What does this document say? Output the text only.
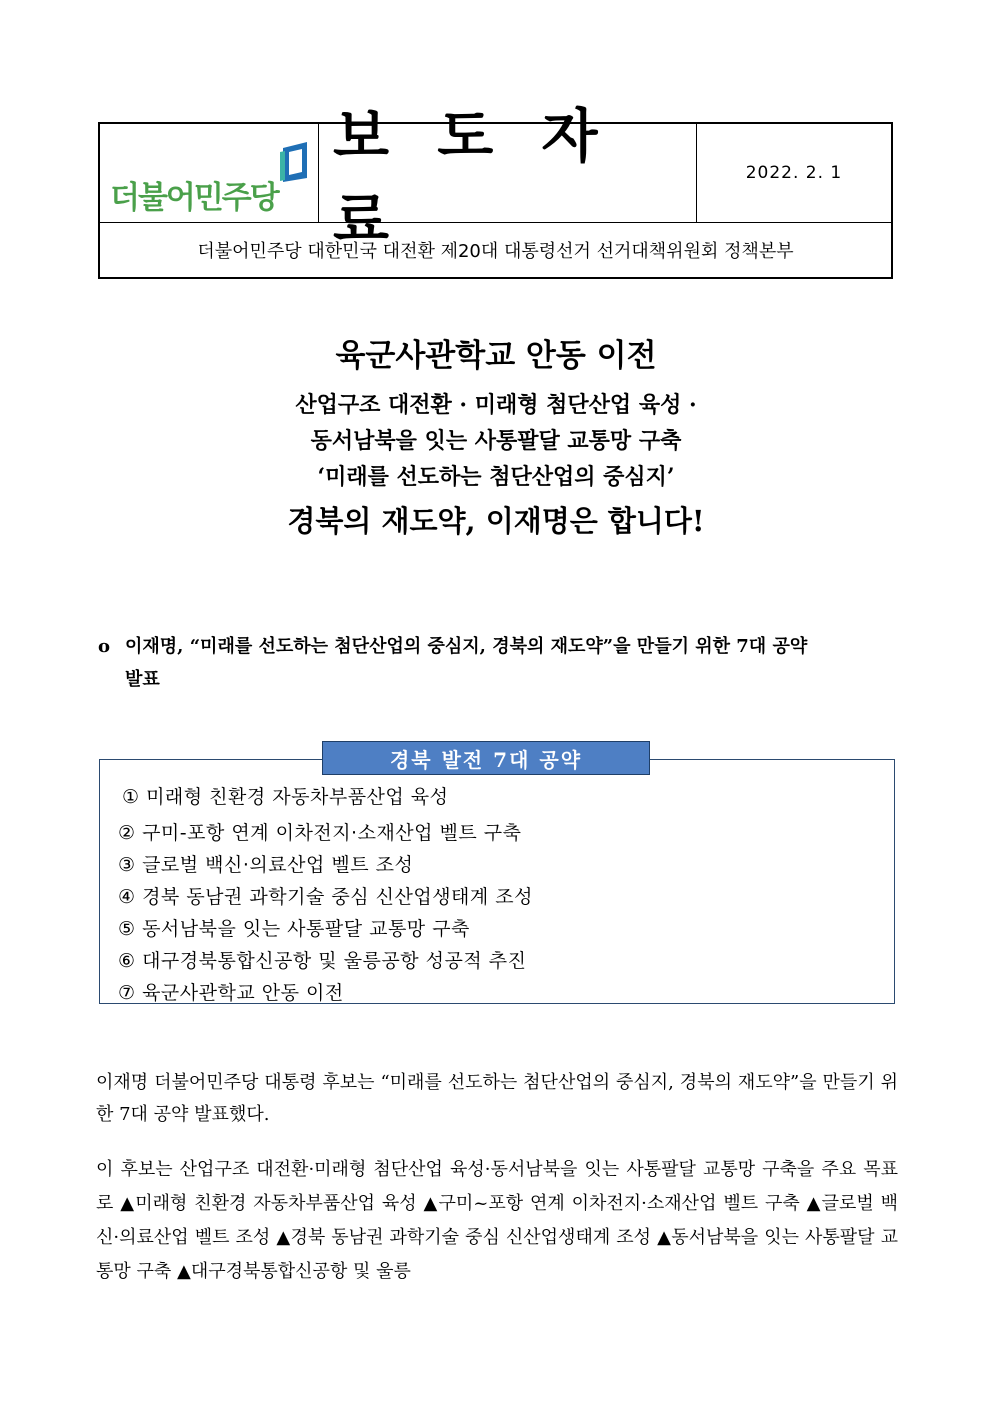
더불어민주당
보 도 자 료
2022. 2. 1
더불어민주당 대한민국 대전환 제20대 대통령선거 선거대책위원회 정책본부
육군사관학교 안동 이전
산업구조 대전환 · 미래형 첨단산업 육성 ·
동서남북을 잇는 사통팔달 교통망 구축
‘미래를 선도하는 첨단산업의 중심지’
경북의 재도약, 이재명은 합니다!
o 이재명, “미래를 선도하는 첨단산업의 중심지, 경북의 재도약”을 만들기 위한 7대 공약
발표
경북 발전 7대 공약
① 미래형 친환경 자동차부품산업 육성
② 구미-포항 연계 이차전지·소재산업 벨트 구축
③ 글로벌 백신·의료산업 벨트 조성
④ 경북 동남권 과학기술 중심 신산업생태계 조성
⑤ 동서남북을 잇는 사통팔달 교통망 구축
⑥ 대구경북통합신공항 및 울릉공항 성공적 추진
⑦ 육군사관학교 안동 이전
이재명 더불어민주당 대통령 후보는 “미래를 선도하는 첨단산업의 중심지, 경북의 재도약”을 만들기 위한 7대 공약 발표했다.
이 후보는 산업구조 대전환·미래형 첨단산업 육성·동서남북을 잇는 사통팔달 교통망 구축을 주요 목표로 ▲미래형 친환경 자동차부품산업 육성 ▲구미~포항 연계 이차전지·소재산업 벨트 구축 ▲글로벌 백신·의료산업 벨트 조성 ▲경북 동남권 과학기술 중심 신산업생태계 조성 ▲동서남북을 잇는 사통팔달 교통망 구축 ▲대구경북통합신공항 및 울릉
